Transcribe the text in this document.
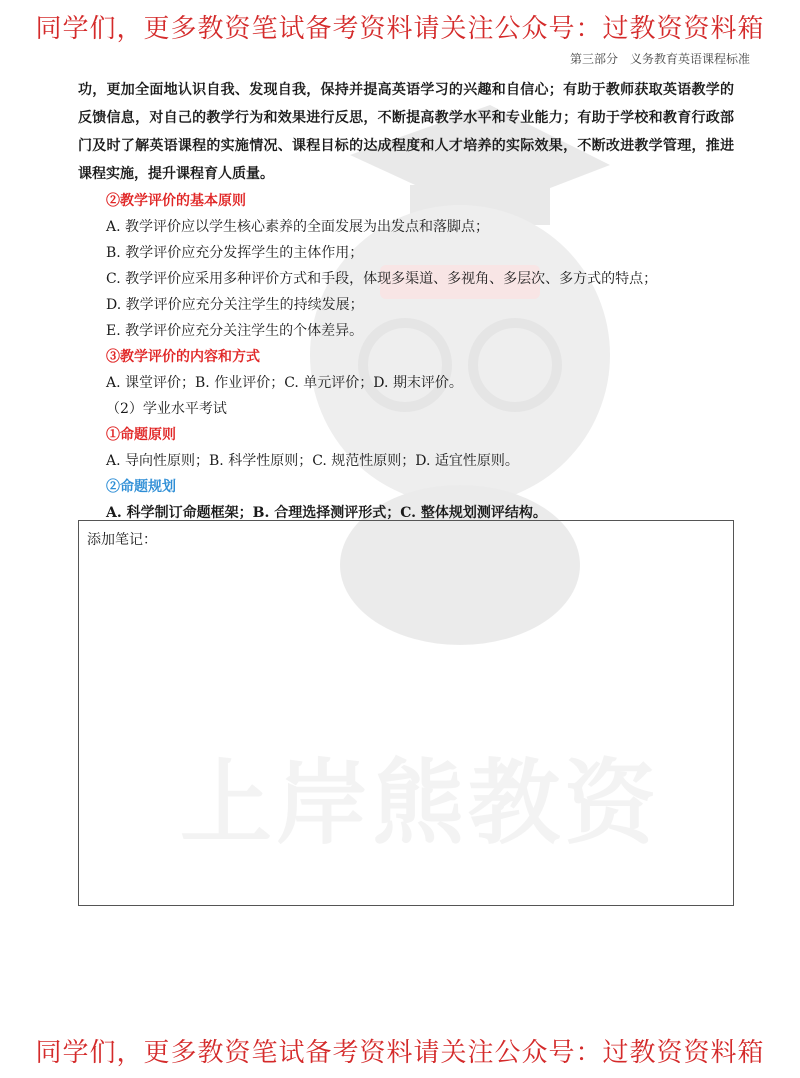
同学们，更多教资笔试备考资料请关注公众号：过教资资料箱
第三部分　义务教育英语课程标准
上岸熊教资

功，更加全面地认识自我、发现自我，保持并提高英语学习的兴趣和自信心；有助于教师获取英语教学的反馈信息，对自己的教学行为和效果进行反思，不断提高教学水平和专业能力；有助于学校和教育行政部门及时了解英语课程的实施情况、课程目标的达成程度和人才培养的实际效果，不断改进教学管理，推进课程实施，提升课程育人质量。

②教学评价的基本原则
A. 教学评价应以学生核心素养的全面发展为出发点和落脚点；
B. 教学评价应充分发挥学生的主体作用；
C. 教学评价应采用多种评价方式和手段，体现多渠道、多视角、多层次、多方式的特点；
D. 教学评价应充分关注学生的持续发展；
E. 教学评价应充分关注学生的个体差异。
③教学评价的内容和方式
A. 课堂评价；B. 作业评价；C. 单元评价；D. 期末评价。
（2）学业水平考试
①命题原则
A. 导向性原则；B. 科学性原则；C. 规范性原则；D. 适宜性原则。
②命题规划
A. 科学制订命题框架；B. 合理选择测评形式；C. 整体规划测评结构。
添加笔记：
同学们，更多教资笔试备考资料请关注公众号：过教资资料箱
